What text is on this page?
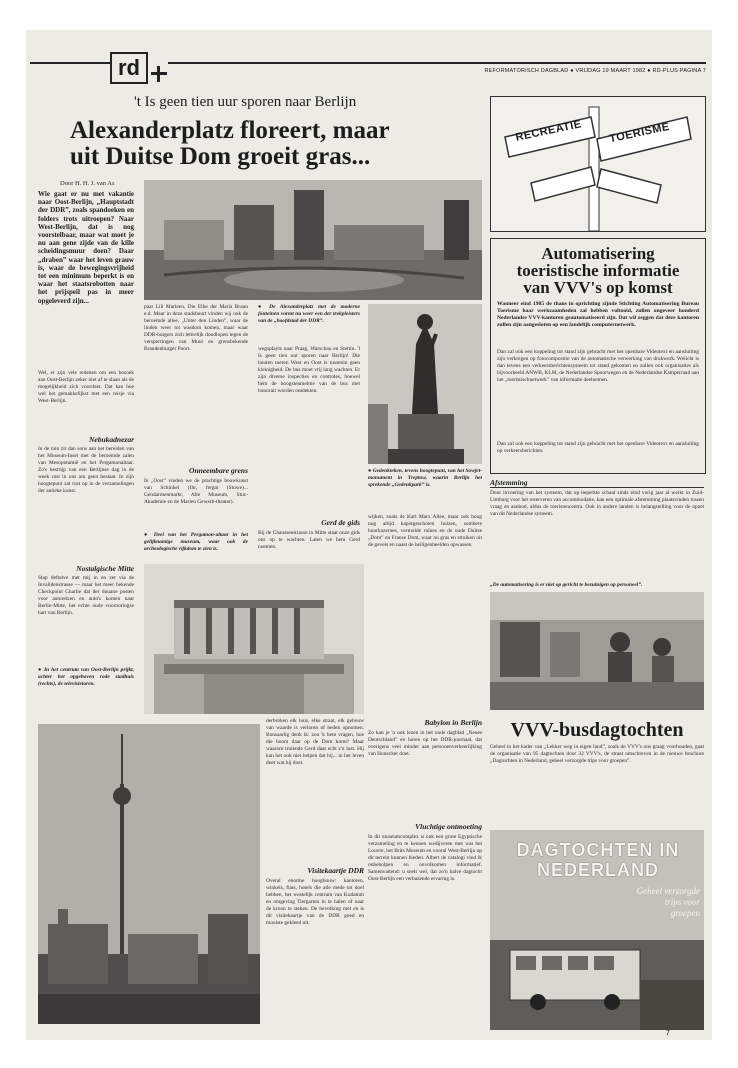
rd	REFORMATORISCH DAGBLAD ● VRIJDAG 19 MAART 1982 ● RD-PLUS PAGINA 7
't Is geen tien uur sporen naar Berlijn
Alexanderplatz floreert, maar
uit Duitse Dom groeit gras...
Door H. H. J. van As
Wie gaat er nu met vakantie naar Oost-Berlijn, „Hauptstadt der DDR”, zoals spandoeken en folders trots uitroepen? Naar West-Berlijn, dat is nog voorstelbaar, maar wat moet je nu aan gene zijde van de kille scheidingsmuur doen? Daar „draben” waar het leven grauw is, waar de bewegingsvrijheid tot een minimum beperkt is en waar het staatsrobotten naar het prijspeil pas in meer opgeleverd zijn...
Wel, er zijn vele redenen om een bezoek aan Oost-Berlijn zeker niet af te slaan als de mogelijkheid zich voordoet. Dat kan hoe wel het gemakkelijkst met een reisje via West-Berlijn.
Nebukadnezar
In de tuin zit dan sons aan het bereiden van het Museum-Insel met de beroemde zalen van Mesopotamië en het Pergamonaltaar. Zo's bestrijp van een Berlijnse dag in de week rust in ons om geen bestaat. In zijn hoogtepunt zat rust op in de verzamelingen der antieke kunst.
Nostalgische Mitte
Stap deftalve met mij in en zet via de Invalidenstrasse — maar het meer bekende Checkpoint Charlie dat der douane posten voor autoreizen en auto's komen naar Berlin-Mitte, het echte oude voorooriogse hart van Berlijn.
● In het centrum van Oost-Berlijn prijkt, achter het opgehoven rode stadhuis (rechts), de televisietoren.
paar Lili Marleen, Die Elbe der Maria Braun e.d. Maar in deze stadsbuurt vinden wij ook de beroemde allee, „Unter den Linden”, waar de linden weer tot wasdom komen, maar waar DDR-burgers zich lettrelijk doodlopen tegen de versperringen van Muur en grensbekende Brandenburger Poort.
Onneembare grens
In „Oost” vinden we de prachtige bouwkunst van Schinkel (Ihr, fergat (Stuwe)... Gendarmenmarkt, Alte Museum, Stuc-Akademie en de Marien Gewerb-theater).
● Deel van het Pergamon-altaar in het gelijknamige museum, waar ook de archeologische rijkdom te zien is.
● De Alexanderplatz met de moderne fonteinen vormt nu weer een der trekpleisters van de „hoofdstad der DDR”.
wegsplayts naar Praag, Warschau en Stettin. 'l Is geen tien uur sporen naar Berlijn! Die houten toeren West en Oost is tussenin geen kleinigheid. De bus moet vrij lang wachten. Er zijn diverse inspecties en controles, hoewel hém de hoogstenmelme van de bus met honorair worden ontdekten.
Gerd de gids
Bij de Chausseestrasse in Mitte staat onze gids ons op te wachten. Laten we hem Gerd noemen.
● Gedenkteken, tevens hoogtepunt, van het Sowjet-monument in Treptow, waarin Berlijn het sprekende „Gedenkpark” is.
wijken, zoals de Karl Marx Allee, maar ook hoog nog altijd kapotgeschoten huizen, sombere huurkazernes, vermolde ruïnes en de oude Duitse „Dom” en Franse Dom, waar nu gras en struiken uit de gevels en naast de heiligenbeelden opwassen.
Babylon in Berlijn
Zo kan je 'n ook lezen in het oude dagblad „Neues Deutschland” en horen op het DDR-journaal, dat overigens veel minder aan personenverheerlijking van Honecker doet.
Vluchtige ontmoeting
In dit museumcomplex is ook een grote Egyptische verzameling en te kennen wedijveren met wat het Louvre, het Brits Museum en vooral West-Berlijn op dit terrein kunnen bieden. Albert de catalogi vind ik onbeholpen en onvolkomen informatief. Samenvattend: u snelt wel, dat zo'n halve dagtocht Oost-Berlijn een verbazende ervaring is.
derbroken elk huis, elke straat, elk gebouw van waarde is verloren of heden opnomen. Bonsaarlig denk ik: zou 'k hem vragen, hoe die boom daar op de Dom komt? Maar waarom truiende Gerd daat echt z'n lust. Hij kan het ook niet helpen dat hij... in het leven doet wat hij doet.
Visitekaartje DDR
Overal enorme hoogbouw: kantoren, winkels, flats, hotels die alle mede tot doel hebben, het westelijk centrum van Kudamm en omgeving Tiergarten in te halen of naar de kroon te steken. De bevolking met en is dit visitekaartje van de DDR goed en mooiste gekleed uit.
RECREATIE TOERISME
Automatisering
toeristische informatie
van VVV's op komst
Wanneer eind 1985 de thans in oprichting zijnde Stichting Automatisering Bureau Toerisme haar werkzaamheden zal hebben voltooid, zullen ongeveer honderd Nederlandse VVV-kantoren geautomatiseerd zijn. Dat wil zeggen dat deze kantoren zullen zijn aangesloten op een landelijk computernetwerk.
Dan zal ook een koppeling tot stand zijn gebracht met het openbare Videotext en aansluiting zijn verkregen op fotocompositie van de automatische verwerking van drukwerk. Welicht is dan tevens een verkeersberichtensysteem tot stand gekomen en zullen ook organisaties als bijvoorbeeld ANWB, KLM, de Nederlandse Spoorwegen en de Nederlandse Kamperraad aan het „toeristischnetwerk” van informatie deelnemen.
Dan zal ook een koppeling tot stand zijn gebracht met het openbare Videotext en aansluiting op verkeersberichten.
Afstemming
Door invoering van het systeem, dat op beperkte schaal sinds eind vorig jaar al werkt in Zuid-Limburg voor het reserveren van accommodatie, kan een optimale afstemming plaatsvinden tussen vraag en aanbod, aldus de toeristencentra. Ook in andere landen is belangstelling voor de opzet van dit Nederlandse systeem.
„De automatisering is er niet op gericht te bezuinigen op personeel”.
VVV-busdagtochten
Geheel in het kader van „Lekker weg in eigen land”, zoals de VVV's ons graag voorhouden, gaat de organisatie van 95 dagtochten door 32 VVV's, de straat omschreven in de nieuwe brochure „Dagtochten in Nederland, geheel verzorgde trips voor groepen”.
DAGTOCHTEN IN
NEDERLAND
Geheel verzorgde
trips voor
groepen
7
